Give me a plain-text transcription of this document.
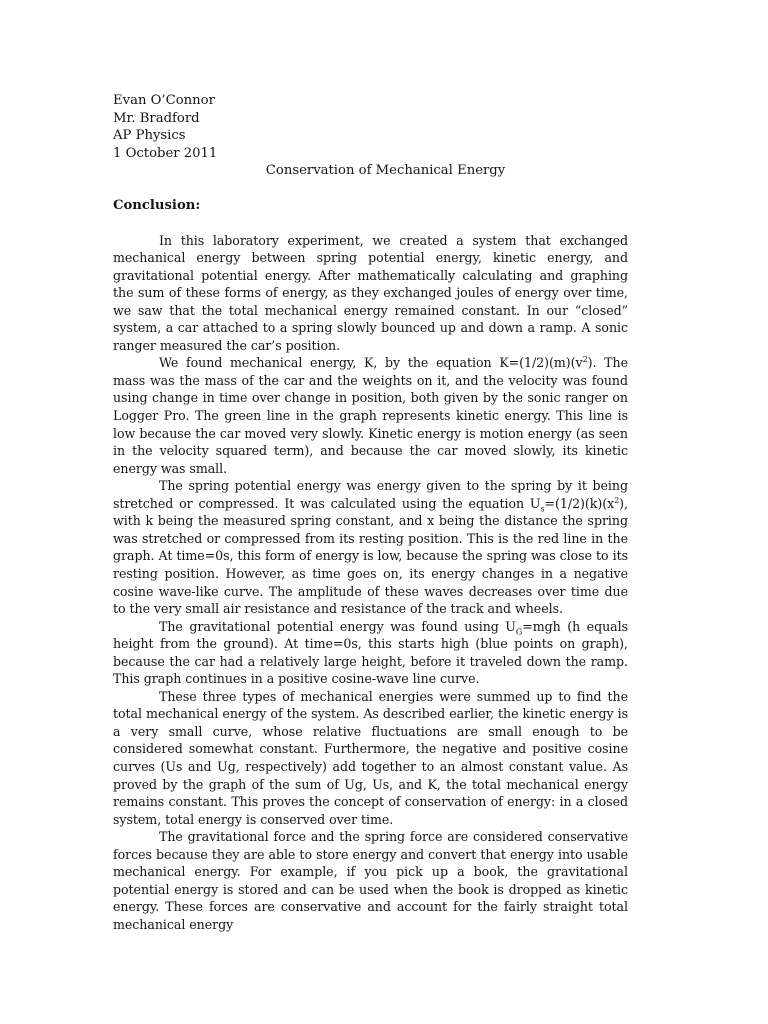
Evan O’Connor
Mr. Bradford
AP Physics
1 October 2011
Conservation of Mechanical Energy
Conclusion:

In this laboratory experiment, we created a system that exchanged mechanical energy between spring potential energy, kinetic energy, and gravitational potential energy. After mathematically calculating and graphing the sum of these forms of energy, as they exchanged joules of energy over time, we saw that the total mechanical energy remained constant. In our “closed” system, a car attached to a spring slowly bounced up and down a ramp. A sonic ranger measured the car’s position.

We found mechanical energy, K, by the equation $K=(1/2)(m)(v^2)$. The mass was the mass of the car and the weights on it, and the velocity was found using change in time over change in position, both given by the sonic ranger on Logger Pro. The green line in the graph represents kinetic energy. This line is low because the car moved very slowly. Kinetic energy is motion energy (as seen in the velocity squared term), and because the car moved slowly, its kinetic energy was small.

The spring potential energy was energy given to the spring by it being stretched or compressed. It was calculated using the equation $U_s=(1/2)(k)(x^2)$, with k being the measured spring constant, and x being the distance the spring was stretched or compressed from its resting position. This is the red line in the graph. At time=0s, this form of energy is low, because the spring was close to its resting position. However, as time goes on, its energy changes in a negative cosine wave-like curve. The amplitude of these waves decreases over time due to the very small air resistance and resistance of the track and wheels.

The gravitational potential energy was found using $U_G=mgh$ (h equals height from the ground). At time=0s, this starts high (blue points on graph), because the car had a relatively large height, before it traveled down the ramp. This graph continues in a positive cosine-wave line curve.

These three types of mechanical energies were summed up to find the total mechanical energy of the system. As described earlier, the kinetic energy is a very small curve, whose relative fluctuations are small enough to be considered somewhat constant. Furthermore, the negative and positive cosine curves (Us and Ug, respectively) add together to an almost constant value. As proved by the graph of the sum of Ug, Us, and K, the total mechanical energy remains constant. This proves the concept of conservation of energy: in a closed system, total energy is conserved over time.

The gravitational force and the spring force are considered conservative forces because they are able to store energy and convert that energy into usable mechanical energy. For example, if you pick up a book, the gravitational potential energy is stored and can be used when the book is dropped as kinetic energy. These forces are conservative and account for the fairly straight total mechanical energy
